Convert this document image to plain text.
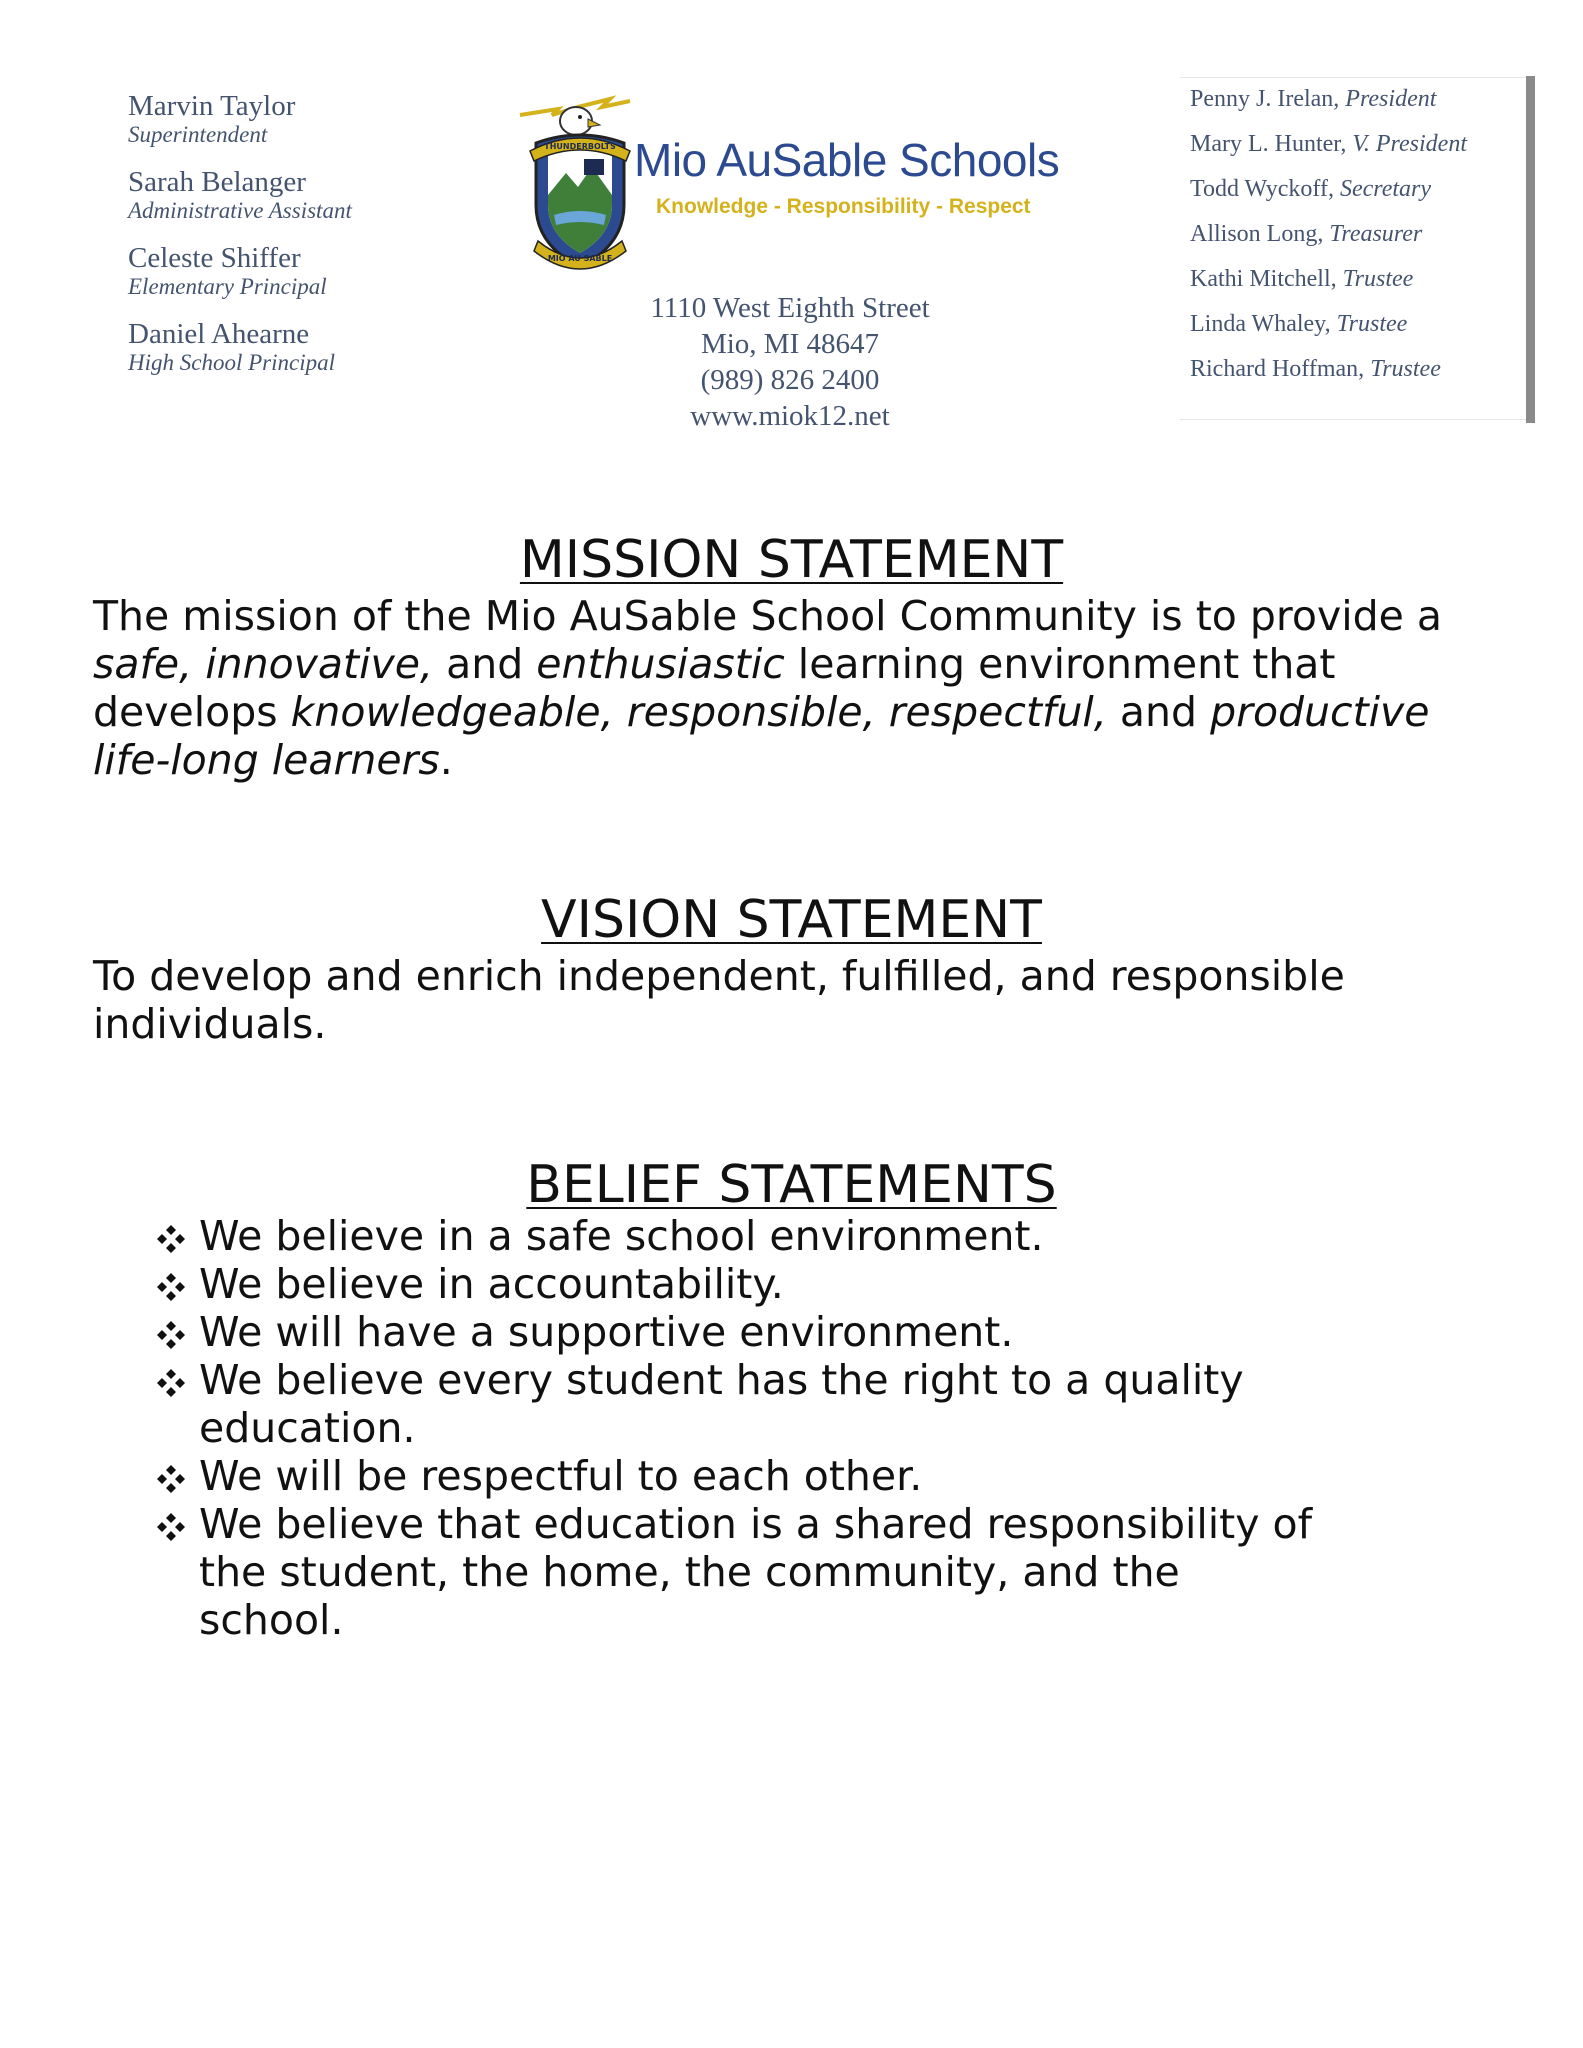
Marvin Taylor
Superintendent
Sarah Belanger
Administrative Assistant
Celeste Shiffer
Elementary Principal
Daniel Ahearne
High School Principal
THUNDERBOLTS
MIO AU SABLE
Mio AuSable Schools
Knowledge - Responsibility - Respect
1110 West Eighth Street
Mio, MI 48647
(989) 826 2400
www.miok12.net
Penny J. Irelan, President
Mary L. Hunter, V. President
Todd Wyckoff, Secretary
Allison Long, Treasurer
Kathi Mitchell, Trustee
Linda Whaley, Trustee
Richard Hoffman, Trustee
MISSION STATEMENT
The mission of the Mio AuSable School Community is to provide a safe, innovative, and enthusiastic learning environment that develops knowledgeable, responsible, respectful, and productive life-long learners.
VISION STATEMENT
To develop and enrich independent, fulfilled, and responsible individuals.
BELIEF STATEMENTS
We believe in a safe school environment.
We believe in accountability.
We will have a supportive environment.
We believe every student has the right to a quality education.
We will be respectful to each other.
We believe that education is a shared responsibility of the student, the home, the community, and the school.
